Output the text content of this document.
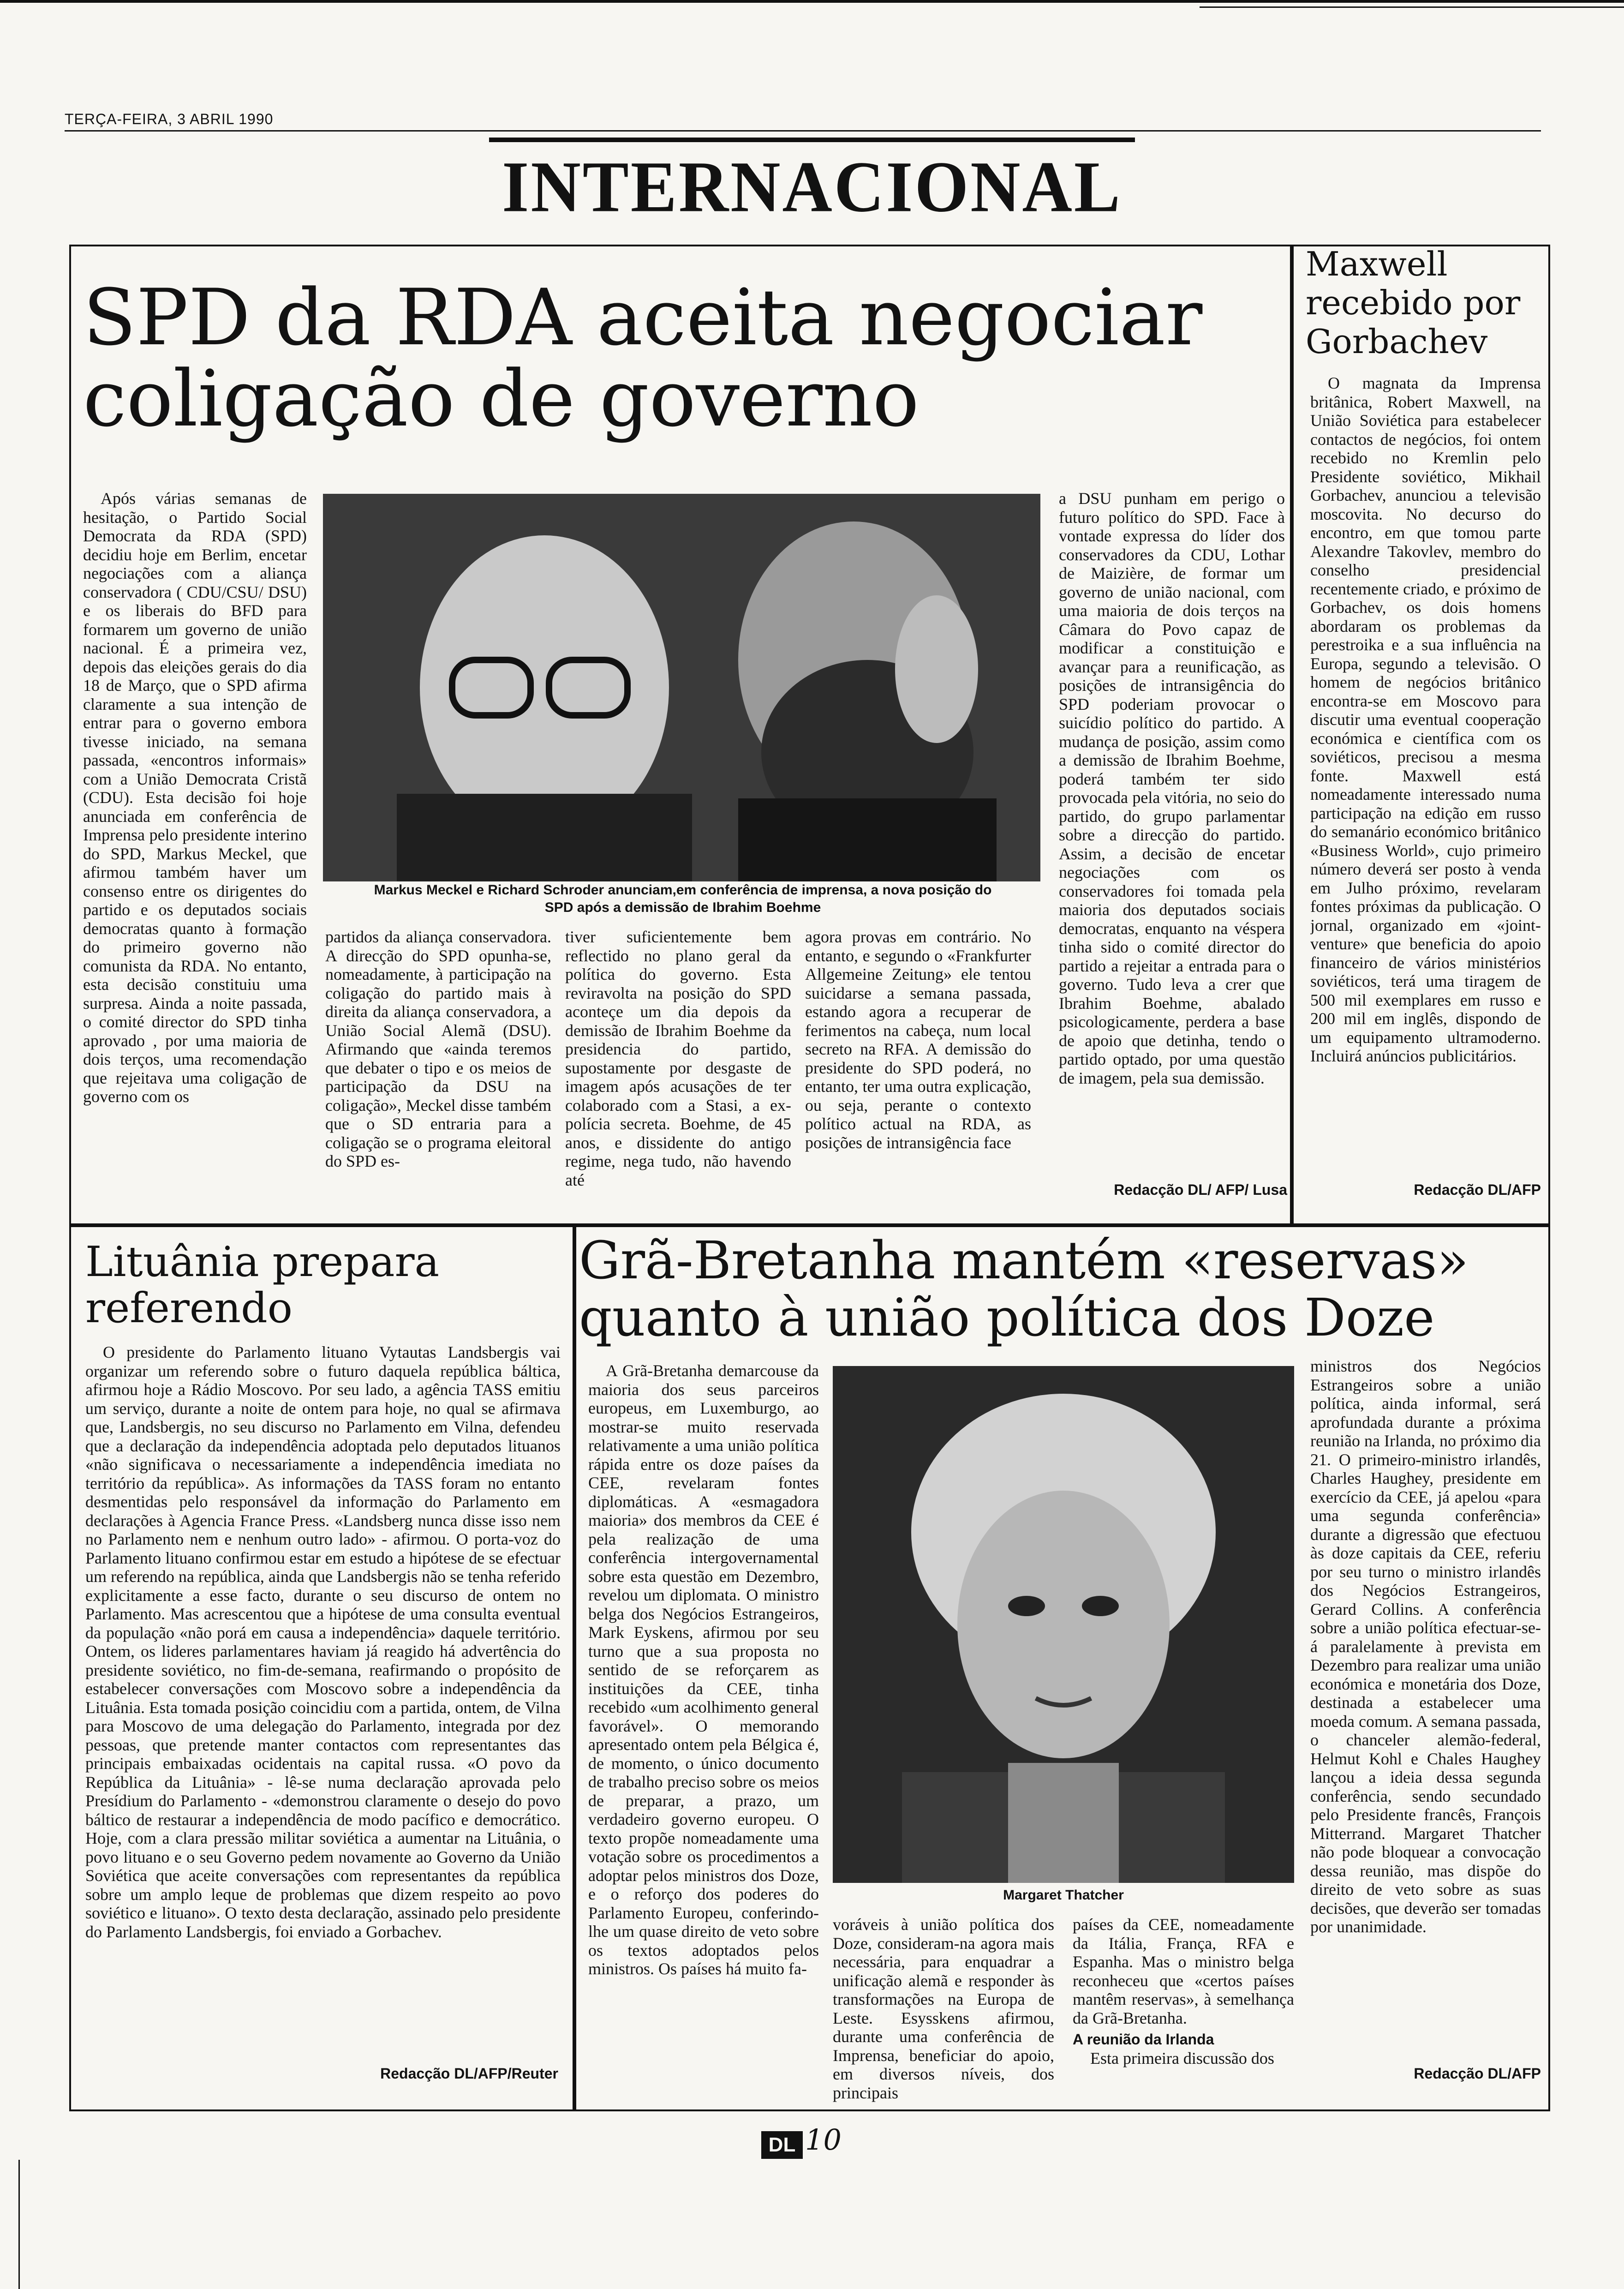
TERÇA-FEIRA, 3 ABRIL 1990
INTERNACIONAL
SPD da RDA aceita negociar coligação de governo

Após várias semanas de hesitação, o Partido Social Democrata da RDA (SPD) decidiu hoje em Berlim, encetar negociações com a aliança conservadora ( CDU/CSU/ DSU) e os liberais do BFD para formarem um governo de união nacional. É a primeira vez, depois das eleições gerais do dia 18 de Março, que o SPD afirma claramente a sua intenção de entrar para o governo embora tivesse iniciado, na semana passada, «encontros informais» com a União Democrata Cristã (CDU). Esta decisão foi hoje anunciada em conferência de Imprensa pelo presidente interino do SPD, Markus Meckel, que afirmou também haver um consenso entre os dirigentes do partido e os deputados sociais democratas quanto à formação do primeiro governo não comunista da RDA. No entanto, esta decisão constituiu uma surpresa. Ainda a noite passada, o comité director do SPD tinha aprovado , por uma maioria de dois terços, uma recomendação que rejeitava uma coligação de governo com os

Markus Meckel e Richard Schroder anunciam,em conferência de imprensa, a nova posição do SPD após a demissão de Ibrahim Boehme

partidos da aliança conservadora. A direcção do SPD opunha-se, nomeadamente, à participação na coligação do partido mais à direita da aliança conservadora, a União Social Alemã (DSU). Afirmando que «ainda teremos que debater o tipo e os meios de participação da DSU na coligação», Meckel disse também que o SD entraria para a coligação se o programa eleitoral do SPD es-

tiver suficientemente bem reflectido no plano geral da política do governo. Esta reviravolta na posição do SPD aconteçe um dia depois da demissão de Ibrahim Boehme da presidencia do partido, supostamente por desgaste de imagem após acusações de ter colaborado com a Stasi, a ex-polícia secreta. Boehme, de 45 anos, e dissidente do antigo regime, nega tudo, não havendo até

agora provas em contrário. No entanto, e segundo o «Frankfurter Allgemeine Zeitung» ele tentou suicidarse a semana passada, estando agora a recuperar de ferimentos na cabeça, num local secreto na RFA. A demissão do presidente do SPD poderá, no entanto, ter uma outra explicação, ou seja, perante o contexto político actual na RDA, as posições de intransigência face

a DSU punham em perigo o futuro político do SPD. Face à vontade expressa do líder dos conservadores da CDU, Lothar de Maizière, de formar um governo de união nacional, com uma maioria de dois terços na Câmara do Povo capaz de modificar a constituição e avançar para a reunificação, as posições de intransigência do SPD poderiam provocar o suicídio político do partido. A mudança de posição, assim como a demissão de Ibrahim Boehme, poderá também ter sido provocada pela vitória, no seio do partido, do grupo parlamentar sobre a direcção do partido. Assim, a decisão de encetar negociações com os conservadores foi tomada pela maioria dos deputados sociais democratas, enquanto na véspera tinha sido o comité director do partido a rejeitar a entrada para o governo. Tudo leva a crer que Ibrahim Boehme, abalado psicologicamente, perdera a base de apoio que detinha, tendo o partido optado, por uma questão de imagem, pela sua demissão.

Redacção DL/ AFP/ Lusa
Maxwell recebido por Gorbachev

O magnata da Imprensa britânica, Robert Maxwell, na União Soviética para estabelecer contactos de negócios, foi ontem recebido no Kremlin pelo Presidente soviético, Mikhail Gorbachev, anunciou a televisão moscovita. No decurso do encontro, em que tomou parte Alexandre Takovlev, membro do conselho presidencial recentemente criado, e próximo de Gorbachev, os dois homens abordaram os problemas da perestroika e a sua influência na Europa, segundo a televisão. O homem de negócios britânico encontra-se em Moscovo para discutir uma eventual cooperação económica e científica com os soviéticos, precisou a mesma fonte. Maxwell está nomeadamente interessado numa participação na edição em russo do semanário económico britânico «Business World», cujo primeiro número deverá ser posto à venda em Julho próximo, revelaram fontes próximas da publicação. O jornal, organizado em «joint-venture» que beneficia do apoio financeiro de vários ministérios soviéticos, terá uma tiragem de 500 mil exemplares em russo e 200 mil em inglês, dispondo de um equipamento ultramoderno. Incluirá anúncios publicitários.

Redacção DL/AFP
Lituânia prepara referendo

O presidente do Parlamento lituano Vytautas Landsbergis vai organizar um referendo sobre o futuro daquela república báltica, afirmou hoje a Rádio Moscovo. Por seu lado, a agência TASS emitiu um serviço, durante a noite de ontem para hoje, no qual se afirmava que, Landsbergis, no seu discurso no Parlamento em Vilna, defendeu que a declaração da independência adoptada pelo deputados lituanos «não significava o necessariamente a independência imediata no território da república». As informações da TASS foram no entanto desmentidas pelo responsável da informação do Parlamento em declarações à Agencia France Press. «Landsberg nunca disse isso nem no Parlamento nem e nenhum outro lado» - afirmou. O porta-voz do Parlamento lituano confirmou estar em estudo a hipótese de se efectuar um referendo na república, ainda que Landsbergis não se tenha referido explicitamente a esse facto, durante o seu discurso de ontem no Parlamento. Mas acrescentou que a hipótese de uma consulta eventual da população «não porá em causa a independência» daquele território. Ontem, os lideres parlamentares haviam já reagido há advertência do presidente soviético, no fim-de-semana, reafirmando o propósito de estabelecer conversações com Moscovo sobre a independência da Lituânia. Esta tomada posição coincidiu com a partida, ontem, de Vilna para Moscovo de uma delegação do Parlamento, integrada por dez pessoas, que pretende manter contactos com representantes das principais embaixadas ocidentais na capital russa. «O povo da República da Lituânia» - lê-se numa declaração aprovada pelo Presídium do Parlamento - «demonstrou claramente o desejo do povo báltico de restaurar a independência de modo pacífico e democrático. Hoje, com a clara pressão militar soviética a aumentar na Lituânia, o povo lituano e o seu Governo pedem novamente ao Governo da União Soviética que aceite conversações com representantes da república sobre um amplo leque de problemas que dizem respeito ao povo soviético e lituano». O texto desta declaração, assinado pelo presidente do Parlamento Landsbergis, foi enviado a Gorbachev.

Redacção DL/AFP/Reuter
Grã-Bretanha mantém «reservas» quanto à união política dos Doze

A Grã-Bretanha demarcouse da maioria dos seus parceiros europeus, em Luxemburgo, ao mostrar-se muito reservada relativamente a uma união política rápida entre os doze países da CEE, revelaram fontes diplomáticas. A «esmagadora maioria» dos membros da CEE é pela realização de uma conferência intergovernamental sobre esta questão em Dezembro, revelou um diplomata. O ministro belga dos Negócios Estrangeiros, Mark Eyskens, afirmou por seu turno que a sua proposta no sentido de se reforçarem as instituições da CEE, tinha recebido «um acolhimento general favorável». O memorando apresentado ontem pela Bélgica é, de momento, o único documento de trabalho preciso sobre os meios de preparar, a prazo, um verdadeiro governo europeu. O texto propõe nomeadamente uma votação sobre os procedimentos a adoptar pelos ministros dos Doze, e o reforço dos poderes do Parlamento Europeu, conferindo-lhe um quase direito de veto sobre os textos adoptados pelos ministros. Os países há muito fa-

Margaret Thatcher

voráveis à união política dos Doze, consideram-na agora mais necessária, para enquadrar a unificação alemã e responder às transformações na Europa de Leste. Esysskens afirmou, durante uma conferência de Imprensa, beneficiar do apoio, em diversos níveis, dos principais

países da CEE, nomeadamente da Itália, França, RFA e Espanha. Mas o ministro belga reconheceu que «certos países mantêm reservas», à semelhança da Grã-Bretanha.

A reunião da Irlanda

Esta primeira discussão dos

ministros dos Negócios Estrangeiros sobre a união política, ainda informal, será aprofundada durante a próxima reunião na Irlanda, no próximo dia 21. O primeiro-ministro irlandês, Charles Haughey, presidente em exercício da CEE, já apelou «para uma segunda conferência» durante a digressão que efectuou às doze capitais da CEE, referiu por seu turno o ministro irlandês dos Negócios Estrangeiros, Gerard Collins. A conferência sobre a união política efectuar-se-á paralelamente à prevista em Dezembro para realizar uma união económica e monetária dos Doze, destinada a estabelecer uma moeda comum. A semana passada, o chanceler alemão-federal, Helmut Kohl e Chales Haughey lançou a ideia dessa segunda conferência, sendo secundado pelo Presidente francês, François Mitterrand. Margaret Thatcher não pode bloquear a convocação dessa reunião, mas dispõe do direito de veto sobre as suas decisões, que deverão ser tomadas por unanimidade.

Redacção DL/AFP
DL 10
